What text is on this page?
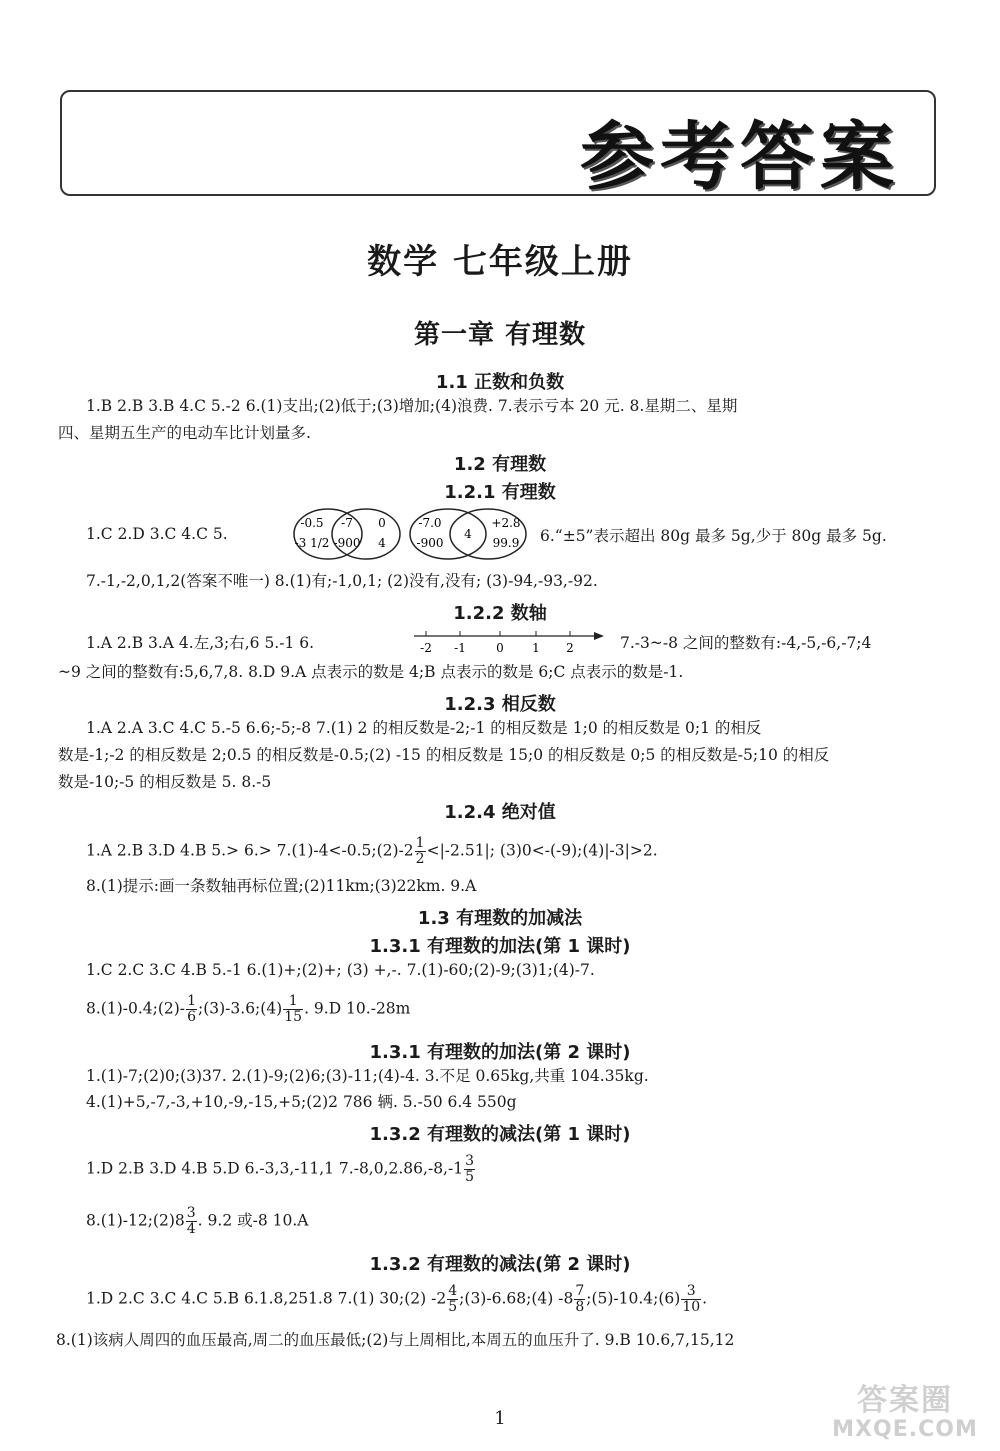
参考答案
数学 七年级上册
第一章 有理数
1.1 正数和负数
1.B 2.B 3.B 4.C 5.-2 6.(1)支出;(2)低于;(3)增加;(4)浪费. 7.表示亏本 20 元. 8.星期二、星期
四、星期五生产的电动车比计划量多.
1.2 有理数
1.2.1 有理数
1.C 2.D 3.C 4.C 5.
-0.5
-3 1/2
-7
-900
0
4
-7.0
-900
4
+2.8
99.9 6.“±5”表示超出 80g 最多 5g,少于 80g 最多 5g.
7.-1,-2,0,1,2(答案不唯一) 8.(1)有;-1,0,1; (2)没有,没有; (3)-94,-93,-92.
1.2.2 数轴
1.A 2.B 3.A 4.左,3;右,6 5.-1 6.	-2 -1	0 1 2	7.-3~-8 之间的整数有:-4,-5,-6,-7;4
~9 之间的整数有:5,6,7,8. 8.D 9.A 点表示的数是 4;B 点表示的数是 6;C 点表示的数是-1.
1.2.3 相反数
1.A 2.A 3.C 4.C 5.-5 6.6;-5;-8 7.(1) 2 的相反数是-2;-1 的相反数是 1;0 的相反数是 0;1 的相反
数是-1;-2 的相反数是 2;0.5 的相反数是-0.5;(2) -15 的相反数是 15;0 的相反数是 0;5 的相反数是-5;10 的相反
数是-10;-5 的相反数是 5. 8.-5
1.2.4 绝对值
1.A 2.B 3.D 4.B 5.> 6.> 7.(1)-4<-0.5;(2)-2 $\frac{1}{2} <|-2.51|$; (3)0<-(-9);(4)|-3|>2.
8.(1)提示:画一条数轴再标位置;(2)11km;(3)22km. 9.A
1.3 有理数的加减法
1.3.1 有理数的加法(第 1 课时)
1.C 2.C 3.C 4.B 5.-1 6.(1)+;(2)+; (3) +,-. 7.(1)-60;(2)-9;(3)1;(4)-7.
8.(1)-0.4;(2)- $\frac{1}{6}$ ;(3)-3.6;(4) $\frac{1}{15}$ . 9.D 10.-28m
1.3.1 有理数的加法(第 2 课时)
1.(1)-7;(2)0;(3)37. 2.(1)-9;(2)6;(3)-11;(4)-4. 3.不足 0.65kg,共重 104.35kg.
4.(1)+5,-7,-3,+10,-9,-15,+5;(2)2 786 辆. 5.-50 6.4 550g
1.3.2 有理数的减法(第 1 课时)
1.D 2.B 3.D 4.B 5.D 6.-3,3,-11,1 $7.-8,0,2.86,-8,-1 \frac{3}{5}$
8.(1)-12;(2)8 $\frac{3}{4}$ . 9.2 或-8 10.A
1.3.2 有理数的减法(第 2 课时)
1.D 2.C 3.C 4.C 5.B 6.1.8,251.8 7.(1) 30;(2) $-2 \frac{4}{5}$ ;(3)-6.68;(4) $-8 \frac{7}{8}$ ;(5)-10.4;(6) $\frac{3}{10}$ .
8.(1)该病人周四的血压最高,周二的血压最低;(2)与上周相比,本周五的血压升了. 9.B 10.6,7,15,12
1
答案圈
MXQE.COM
